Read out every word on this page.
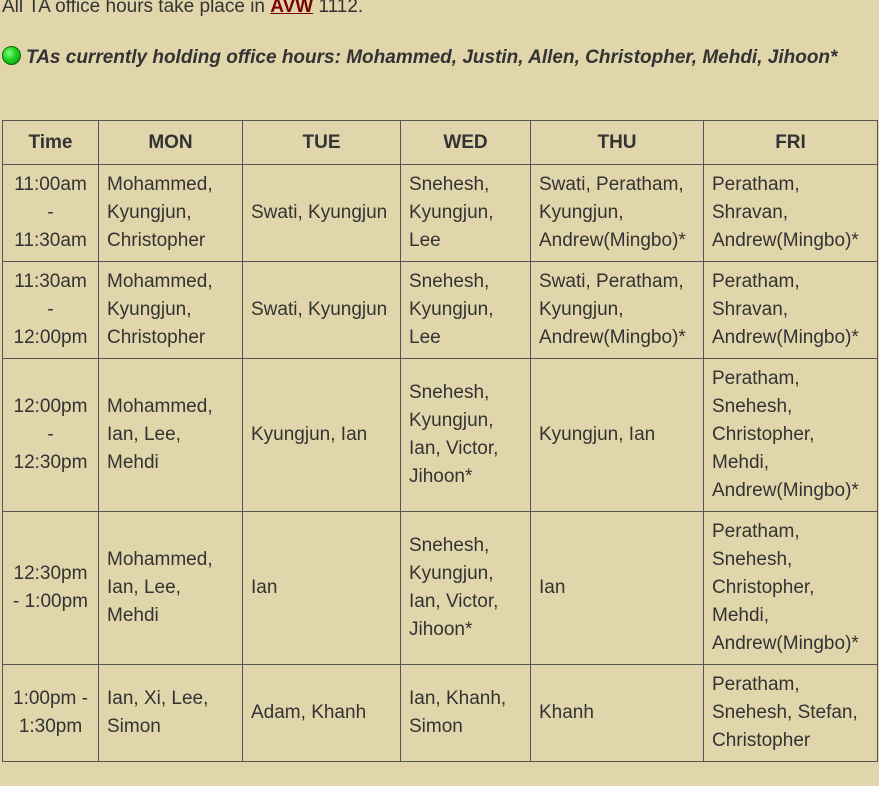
All TA office hours take place in AVW 1112.
TAs currently holding office hours: Mohammed, Justin, Allen, Christopher, Mehdi, Jihoon*
Time	MON	TUE	WED	THU	FRI
11:00am - 11:30am	Mohammed, Kyungjun, Christopher	Swati, Kyungjun	Snehesh, Kyungjun, Lee	Swati, Peratham, Kyungjun, Andrew(Mingbo)*	Peratham, Shravan, Andrew(Mingbo)*
11:30am - 12:00pm	Mohammed, Kyungjun, Christopher	Swati, Kyungjun	Snehesh, Kyungjun, Lee	Swati, Peratham, Kyungjun, Andrew(Mingbo)*	Peratham, Shravan, Andrew(Mingbo)*
12:00pm - 12:30pm	Mohammed, Ian, Lee, Mehdi	Kyungjun, Ian	Snehesh, Kyungjun, Ian, Victor, Jihoon*	Kyungjun, Ian	Peratham, Snehesh, Christopher, Mehdi, Andrew(Mingbo)*
12:30pm - 1:00pm	Mohammed, Ian, Lee, Mehdi	Ian	Snehesh, Kyungjun, Ian, Victor, Jihoon*	Ian	Peratham, Snehesh, Christopher, Mehdi, Andrew(Mingbo)*
1:00pm - 1:30pm	Ian, Xi, Lee, Simon	Adam, Khanh	Ian, Khanh, Simon	Khanh	Peratham, Snehesh, Stefan, Christopher
